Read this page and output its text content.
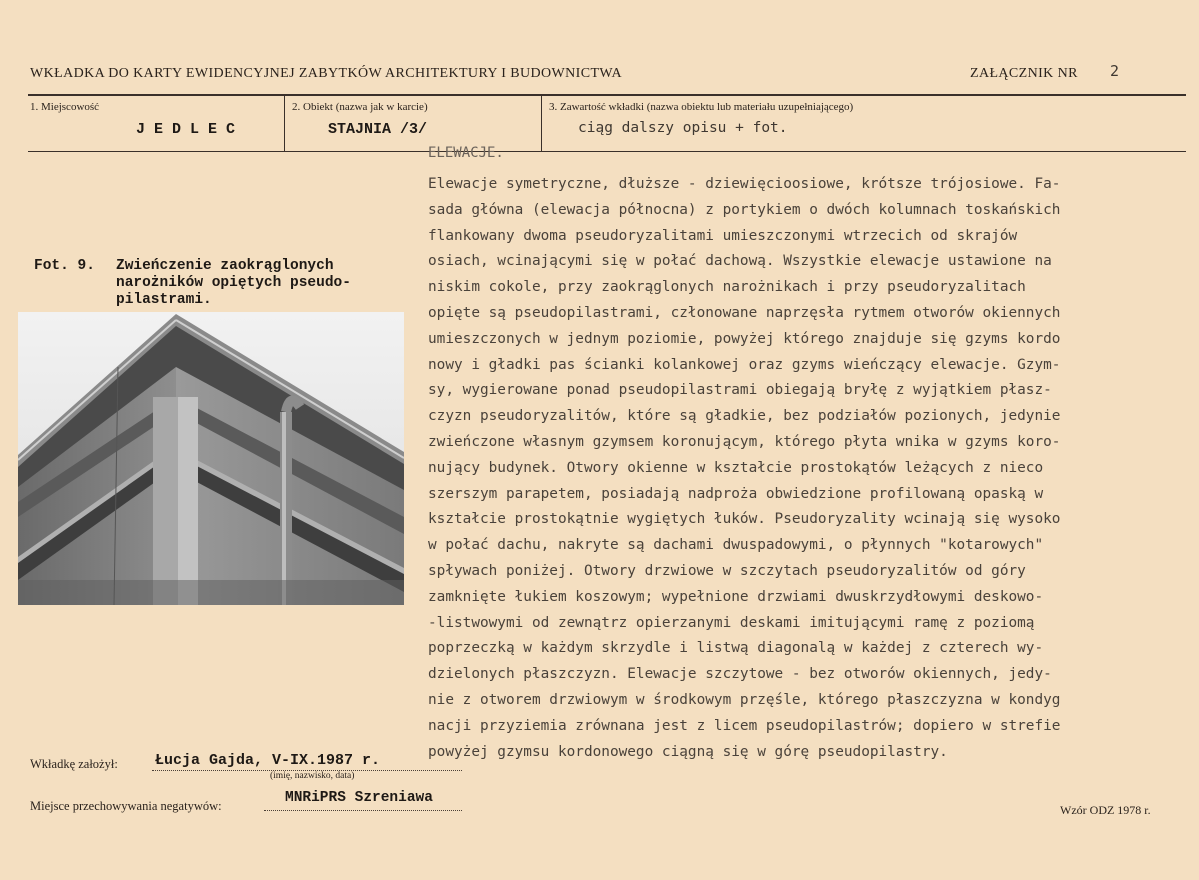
WKŁADKA DO KARTY EWIDENCYJNEJ ZABYTKÓW ARCHITEKTURY I BUDOWNICTWA	ZAŁĄCZNIK NR 2
1. Miejscowość
J E D L E C
2. Obiekt (nazwa jak w karcie)
STAJNIA /3/
3. Zawartość wkładki (nazwa obiektu lub materiału uzupełniającego)
ciąg dalszy opisu + fot.
ELEWACJE.
Fot. 9. Zwieńczenie zaokrąglonych
narożników opiętych pseudo-
pilastrami.
Elewacje symetryczne, dłuższe - dziewięcioosiowe, krótsze trójosiowe. Fa-
sada główna (elewacja północna) z portykiem o dwóch kolumnach toskańskich
flankowany dwoma pseudoryzalitami umieszczonymi wtrzecich od skrajów
osiach, wcinającymi się w połać dachową. Wszystkie elewacje ustawione na
niskim cokole, przy zaokrąglonych narożnikach i przy pseudoryzalitach
opięte są pseudopilastrami, członowane naprzęsła rytmem otworów okiennych
umieszczonych w jednym poziomie, powyżej którego znajduje się gzyms kordo
nowy i gładki pas ścianki kolankowej oraz gzyms wieńczący elewacje. Gzym-
sy, wygierowane ponad pseudopilastrami obiegają bryłę z wyjątkiem płasz-
czyzn pseudoryzalitów, które są gładkie, bez podziałów pozionych, jedynie
zwieńczone własnym gzymsem koronującym, którego płyta wnika w gzyms koro-
nujący budynek. Otwory okienne w kształcie prostokątów leżących z nieco
szerszym parapetem, posiadają nadproża obwiedzione profilowaną opaską w
kształcie prostokątnie wygiętych łuków. Pseudoryzality wcinają się wysoko
w połać dachu, nakryte są dachami dwuspadowymi, o płynnych "kotarowych"
spływach poniżej. Otwory drzwiowe w szczytach pseudoryzalitów od góry
zamknięte łukiem koszowym; wypełnione drzwiami dwuskrzydłowymi deskowo-
-listwowymi od zewnątrz opierzanymi deskami imitującymi ramę z poziomą
poprzeczką w każdym skrzydle i listwą diagonalą w każdej z czterech wy-
dzielonych płaszczyzn. Elewacje szczytowe - bez otworów okiennych, jedy-
nie z otworem drzwiowym w środkowym przęśle, którego płaszczyzna w kondyg
nacji przyziemia zrównana jest z licem pseudopilastrów; dopiero w strefie
powyżej gzymsu kordonowego ciągną się w górę pseudopilastry.
Wkładkę założył: Łucja Gajda, V-IX.1987 r.
(imię, nazwisko, data)
Miejsce przechowywania negatywów:	MNRiPRS Szreniawa
Wzór ODZ 1978 r.
